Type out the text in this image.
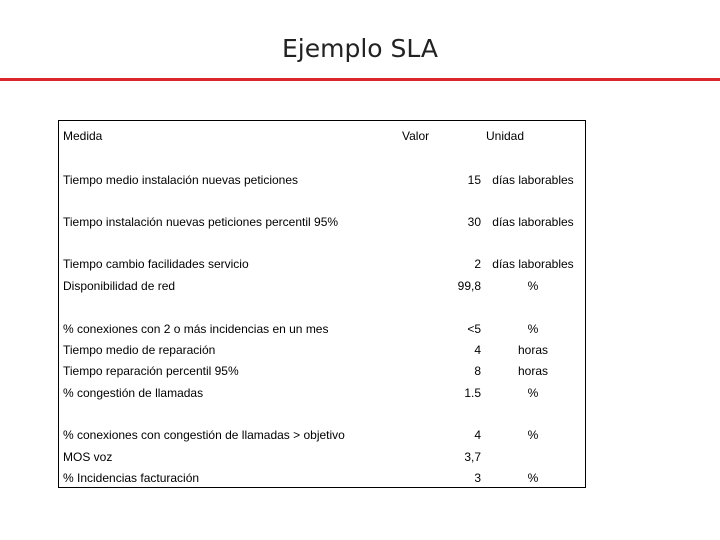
Ejemplo SLA
Medida	Valor	Unidad
Tiempo medio instalación nuevas peticiones	15 días laborables
Tiempo instalación nuevas peticiones percentil 95%	30 días laborables
Tiempo cambio facilidades servicio	2 días laborables
Disponibilidad de red	99,8	%
% conexiones con 2 o más incidencias en un mes	<5	%
Tiempo medio de reparación	4	horas
Tiempo reparación percentil 95%	8	horas
% congestión de llamadas	1.5	%
% conexiones con congestión de llamadas > objetivo	4	%
MOS voz	3,7
% Incidencias facturación	3	%
